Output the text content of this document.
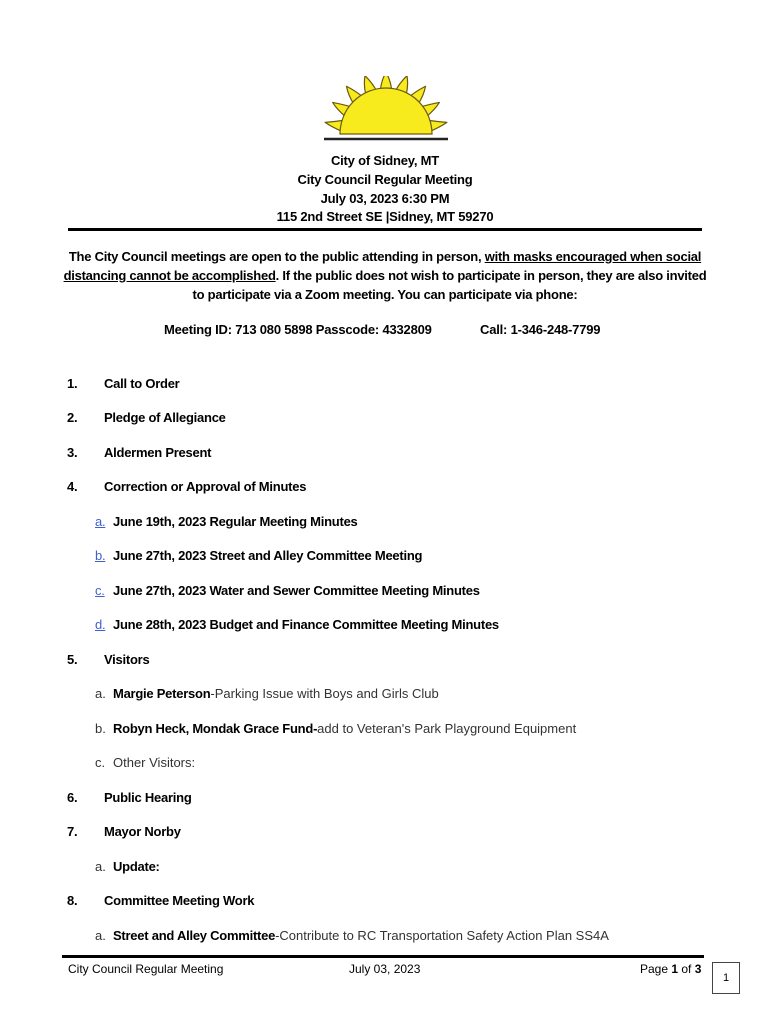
City of Sidney, MT
City Council Regular Meeting
July 03, 2023 6:30 PM
115 2nd Street SE |Sidney, MT 59270
The City Council meetings are open to the public attending in person, with masks encouraged when social distancing cannot be accomplished. If the public does not wish to participate in person, they are also invited to participate via a Zoom meeting. You can participate via phone:
Meeting ID: 713 080 5898 Passcode: 4332809	Call: 1-346-248-7799
1. Call to Order
2. Pledge of Allegiance
3. Aldermen Present
4. Correction or Approval of Minutes
a. June 19th, 2023 Regular Meeting Minutes
b. June 27th, 2023 Street and Alley Committee Meeting
c. June 27th, 2023 Water and Sewer Committee Meeting Minutes
d. June 28th, 2023 Budget and Finance Committee Meeting Minutes
5. Visitors
a. Margie Peterson-Parking Issue with Boys and Girls Club
b. Robyn Heck, Mondak Grace Fund-add to Veteran's Park Playground Equipment
c. Other Visitors:
6. Public Hearing
7. Mayor Norby
a. Update:
8. Committee Meeting Work
a. Street and Alley Committee-Contribute to RC Transportation Safety Action Plan SS4A
City Council Regular Meeting	July 03, 2023	Page 1 of 3
1
